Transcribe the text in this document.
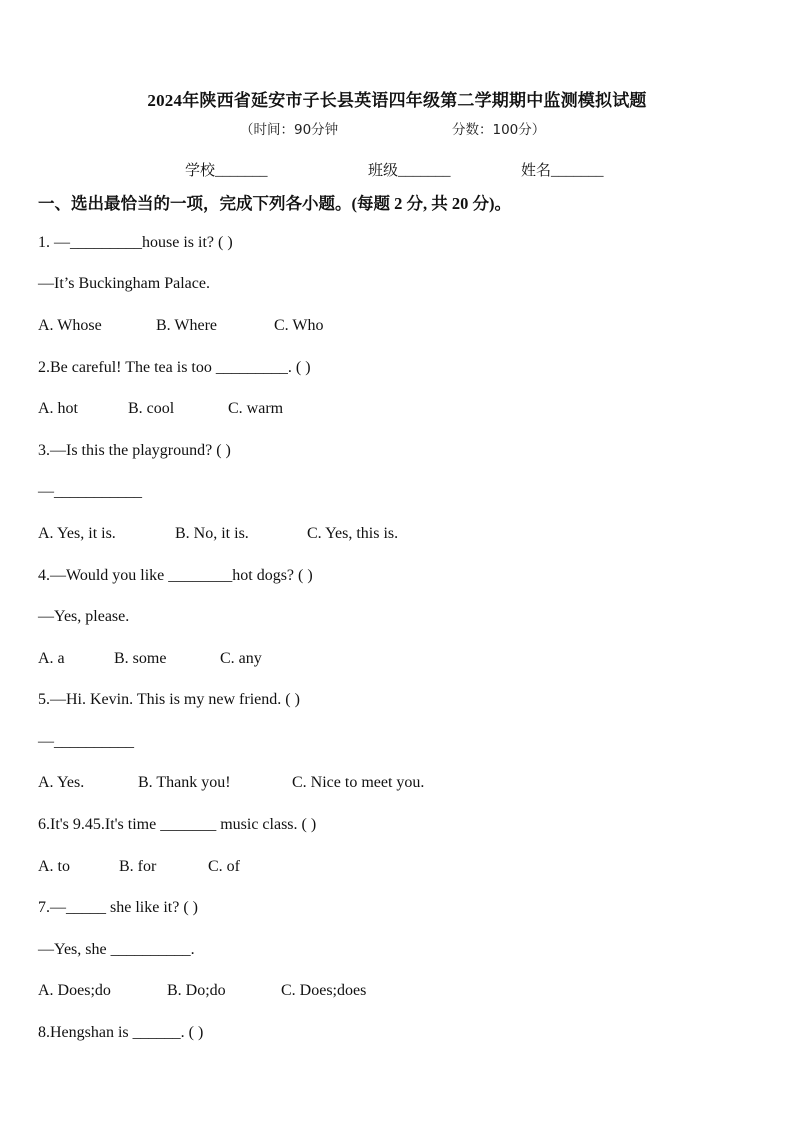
2024年陕西省延安市子长县英语四年级第二学期期中监测模拟试题
（时间：90分钟	分数：100分）
学校_______	班级_______	姓名_______
一、选出最恰当的一项，完成下列各小题。(每题 2 分, 共 20 分)。
1. —_________house is it? ( )
—It’s Buckingham Palace.
A. Whose	B. Where	C. Who
2.Be careful! The tea is too _________. ( )
A. hot	B. cool	C. warm
3.—Is this the playground? ( )
—___________
A. Yes, it is.	B. No, it is.	C. Yes, this is.
4.—Would you like ________hot dogs? ( )
—Yes, please.
A. a	B. some	C. any
5.—Hi. Kevin. This is my new friend. ( )
—__________
A. Yes.	B. Thank you!	C. Nice to meet you.
6.It's 9.45.It's time _______ music class. ( )
A. to	B. for	C. of
7.—_____ she like it? ( )
—Yes, she __________.
A. Does;do	B. Do;do	C. Does;does
8.Hengshan is ______. ( )
